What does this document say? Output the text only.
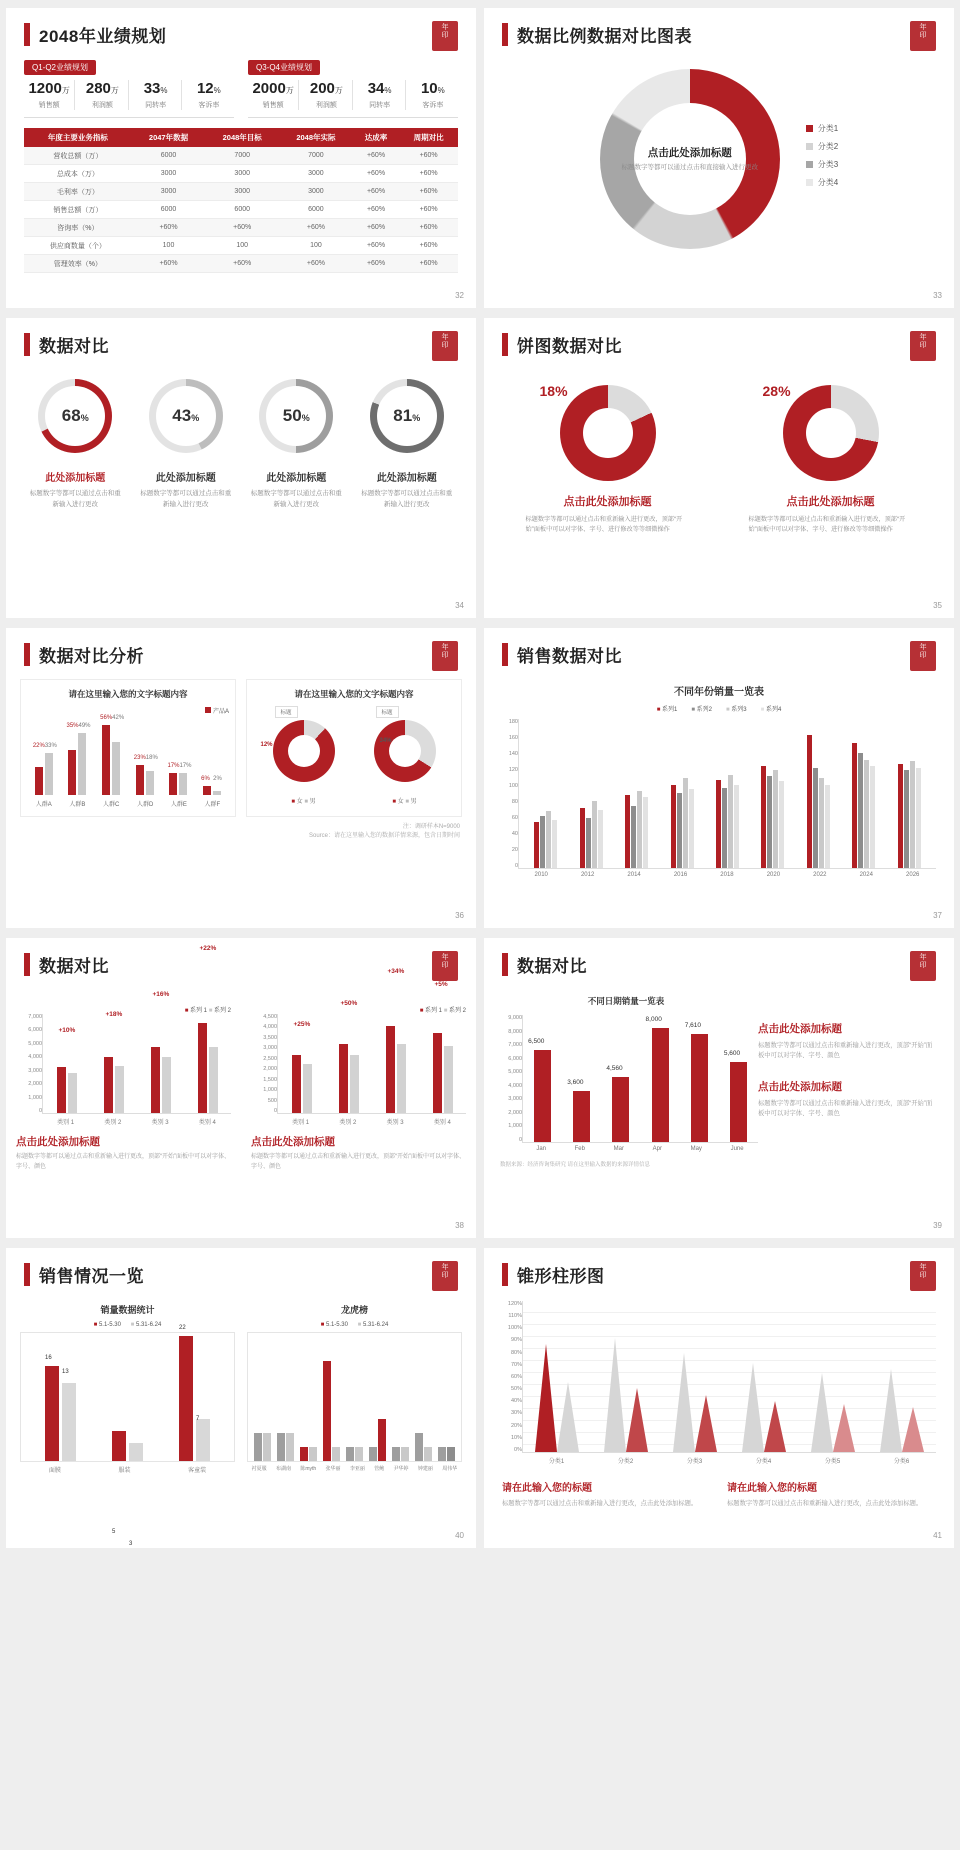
2048年业绩规划	年
印
Q1-Q2业绩规划
1200万
销售额
280万
利润额
33%
同转率
12%
客诉率
Q3-Q4业绩规划
2000万
销售额
200万
利润额
34%
同转率
10%
客诉率
年度主要业务指标	2047年数据	2048年目标	2048年实际	达成率	周期对比
营收总额（万）	6000	7000	7000	+60%	+60%
总成本（万）	3000	3000	3000	+60%	+60%
毛利率（万）	3000	3000	3000	+60%	+60%
销售总额（万）	6000	6000	6000	+60%	+60%
咨询率（%）	+60%	+60%	+60%	+60%	+60%
供应商数量（个）	100	100	100	+60%	+60%
管理效率（%）	+60%	+60%	+60%	+60%	+60%
32
数据比例数据对比图表	年
印
点击此处添加标题
标题数字等都可以通过点击和直接输入进行更改
分类1
分类2
分类3
分类4
33
数据对比	年
印
68%
此处添加标题
标题数字等都可以通过点击和重新输入进行更改
43%
此处添加标题
标题数字等都可以通过点击和重新输入进行更改
50%
此处添加标题
标题数字等都可以通过点击和重新输入进行更改
81%
此处添加标题
标题数字等都可以通过点击和重新输入进行更改
34
饼图数据对比	年
印
18%
点击此处添加标题
标题数字等都可以通过点击和重新输入进行更改，顶部“开始”面板中可以对字体、字号、进行修改等等细微操作
28%
点击此处添加标题
标题数字等都可以通过点击和重新输入进行更改，顶部“开始”面板中可以对字体、字号、进行修改等等细微操作
35
数据对比分析	年
印
请在这里输入您的文字标题内容
产品A
22% 33%
35% 49%
56% 42%
23% 18%
17% 17%
6% 2%
人群A	人群B	人群C	人群D	人群E	人群F
请在这里输入您的文字标题内容
标题
12%
标题
34%
■ 女 ■ 男	■ 女 ■ 男
注：调研样本N=9000
Source：请在这里输入您的数据详情来源，包含日期时间
36
销售数据对比	年
印
不同年份销量一览表
■ 系列1 ■ 系列2 ■ 系列3 ■ 系列4
0
20
40
60
80
100
120
140
160
180
2010	2012	2014	2016	2018	2020	2022	2024	2026
37
数据对比	年
印
■ 系列 1 ■ 系列 2
7,000
6,000
5,000
4,000
3,000
2,000
1,000
0
+10%
+18%
+16%
+22%
类别 1	类别 2	类别 3	类别 4
点击此处添加标题
标题数字等都可以通过点击和重新输入进行更改，顶部“开始”面板中可以对字体、字号、颜色
■ 系列 1 ■ 系列 2
4,500
4,000
3,500
3,000
2,500
2,000
1,500
1,000
500
0
+25%
+50%
+34%
+5%
类别 1	类别 2	类别 3	类别 4
点击此处添加标题
标题数字等都可以通过点击和重新输入进行更改，顶部“开始”面板中可以对字体、字号、颜色
38
数据对比	年
印
不同日期销量一览表
9,000
8,000
7,000
6,000
5,000
4,000
3,000
2,000
1,000
0
6,500
3,600
4,560
8,000
7,610
5,600
Jan	Feb	Mar	Apr	May	June
数据来源：经济咨询集研究 请在这里输入数据的来源详情信息
点击此处添加标题
标题数字等都可以通过点击和重新输入进行更改，顶部“开始”面板中可以对字体、字号、颜色
点击此处添加标题
标题数字等都可以通过点击和重新输入进行更改，顶部“开始”面板中可以对字体、字号、颜色
39
销售情况一览	年
印
销量数据统计
■ 5.1-5.30 ■ 5.31-6.24
16
13
5
3
22
7
面膜	服装	客童装
龙虎榜
■ 5.1-5.30 ■ 5.31-6.24
衬夏服 布湖南 陈myth 张华丽 李亚丽 管鲍 尹华婷 钟建丽 周伟华
40
锥形柱形图	年
印
120%
110%
100%
90%
80%
70%
60%
50%
40%
30%
20%
10%
0%
分类1	分类2	分类3	分类4	分类5	分类6
请在此输入您的标题
标题数字等都可以通过点击和重新输入进行更改，点击此处添加标题。
请在此输入您的标题
标题数字等都可以通过点击和重新输入进行更改，点击此处添加标题。
41
